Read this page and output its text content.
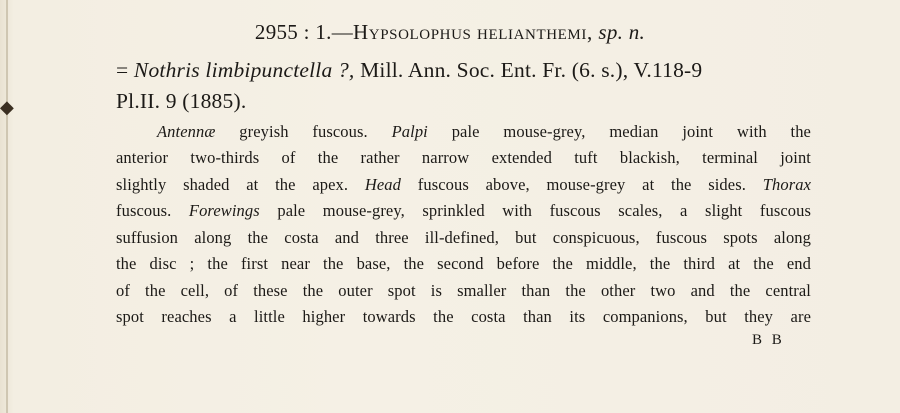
◆
2955 : 1.—Hypsolophus helianthemi, sp. n.
= Nothris limbipunctella ?, Mill. Ann. Soc. Ent. Fr. (6. s.), V.118-9
Pl.II. 9 (1885).
Antennæ greyish fuscous. Palpi pale mouse-grey, median joint with the
anterior two-thirds of the rather narrow extended tuft blackish, terminal joint
slightly shaded at the apex. Head fuscous above, mouse-grey at the sides. Thorax
fuscous. Forewings pale mouse-grey, sprinkled with fuscous scales, a slight fuscous
suffusion along the costa and three ill-defined, but conspicuous, fuscous spots along
the disc ; the first near the base, the second before the middle, the third at the end
of the cell, of these the outer spot is smaller than the other two and the central
spot reaches a little higher towards the costa than its companions, but they are
B B
